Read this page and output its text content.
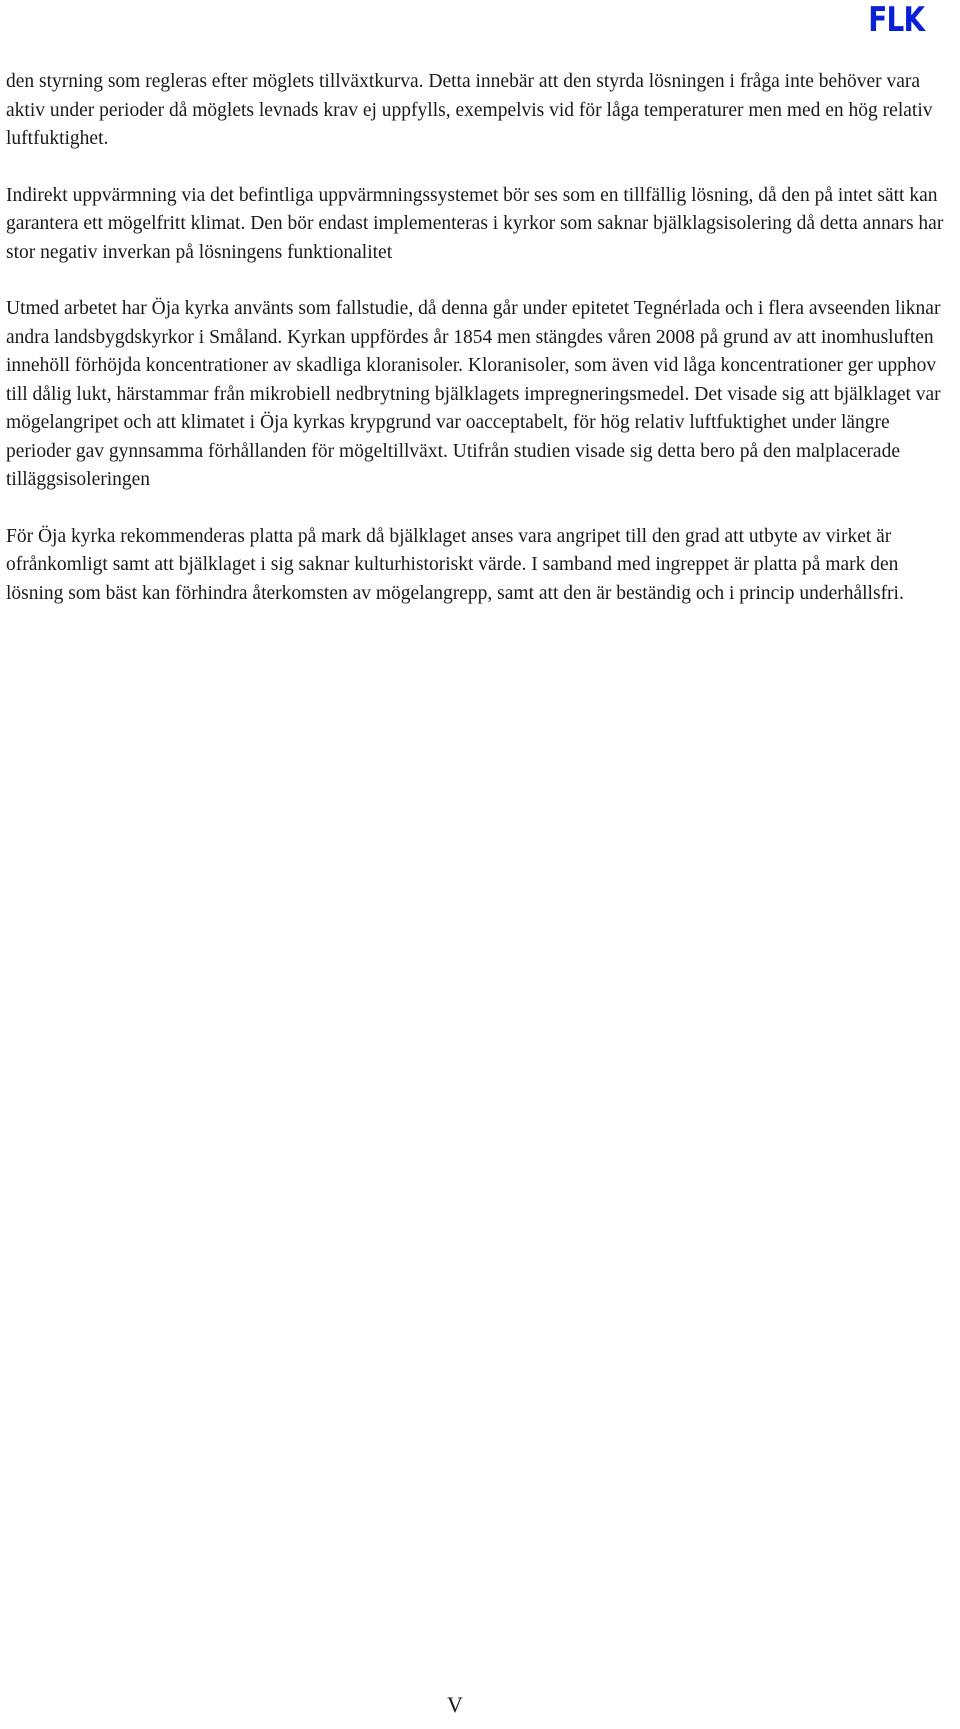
FLK

den styrning som regleras efter möglets tillväxtkurva. Detta innebär att den styrda lösningen i fråga inte behöver vara aktiv under perioder då möglets levnads krav ej uppfylls, exempelvis vid för låga temperaturer men med en hög relativ luftfuktighet.

Indirekt uppvärmning via det befintliga uppvärmningssystemet bör ses som en tillfällig lösning, då den på intet sätt kan garantera ett mögelfritt klimat. Den bör endast implementeras i kyrkor som saknar bjälklagsisolering då detta annars har stor negativ inverkan på lösningens funktionalitet

Utmed arbetet har Öja kyrka använts som fallstudie, då denna går under epitetet Tegnérlada och i flera avseenden liknar andra landsbygdskyrkor i Småland. Kyrkan uppfördes år 1854 men stängdes våren 2008 på grund av att inomhusluften innehöll förhöjda koncentrationer av skadliga kloranisoler. Kloranisoler, som även vid låga koncentrationer ger upphov till dålig lukt, härstammar från mikrobiell nedbrytning bjälklagets impregneringsmedel. Det visade sig att bjälklaget var mögelangripet och att klimatet i Öja kyrkas krypgrund var oacceptabelt, för hög relativ luftfuktighet under längre perioder gav gynnsamma förhållanden för mögeltillväxt. Utifrån studien visade sig detta bero på den malplacerade tilläggsisoleringen

För Öja kyrka rekommenderas platta på mark då bjälklaget anses vara angripet till den grad att utbyte av virket är ofrånkomligt samt att bjälklaget i sig saknar kulturhistoriskt värde. I samband med ingreppet är platta på mark den lösning som bäst kan förhindra återkomsten av mögelangrepp, samt att den är beständig och i princip underhållsfri.

V
